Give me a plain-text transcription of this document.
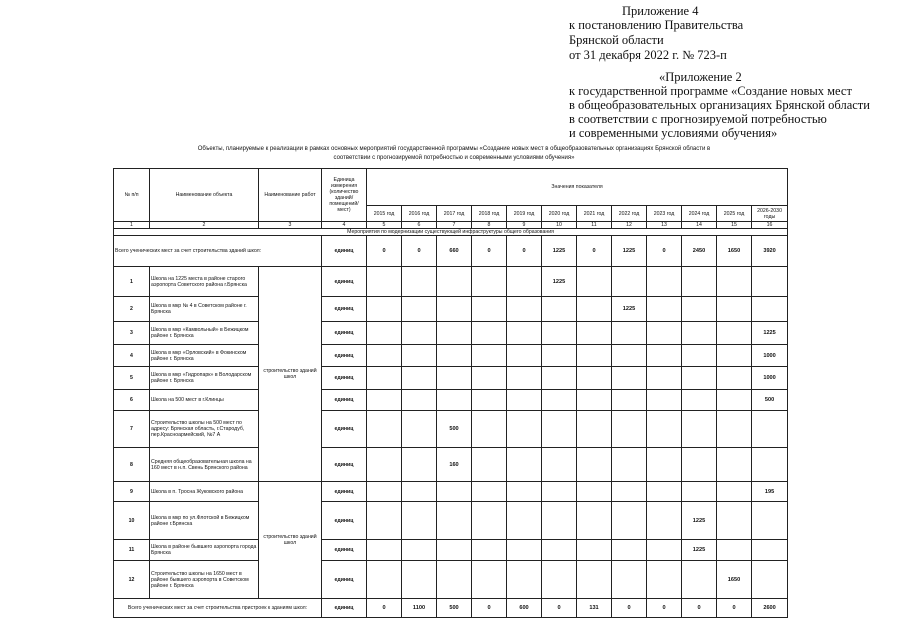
Приложение 4
к постановлению Правительства
Брянской области
от 31 декабря 2022 г. № 723-п
«Приложение 2
к государственной программе «Создание новых мест
в общеобразовательных организациях Брянской области
в соответствии с прогнозируемой потребностью
и современными условиями обучения»
Объекты, планируемые к реализации в рамках основных мероприятий государственной программы «Создание новых мест в общеобразовательных организациях Брянской области в
соответствии с прогнозируемой потребностью и современными условиями обучения»
№ п/п	Наименование объекта	Наименование работ	Единица измерения (количество зданий/помещений/мест)	Значения показателя											
				2015 год	2016 год	2017 год	2018 год	2019 год	2020 год	2021 год	2022 год	2023 год	2024 год	2025 год	2026-2030 годы
1	2	3	4	5	6	7	8	9	10	11	12	13	14	15	16
Мероприятия по модернизации существующей инфраструктуры общего образования															
Всего ученических мест за счет строительства зданий школ:			единиц	0	0	660	0	0	1225	0	1225	0	2450	1650	3920
1	Школа на 1225 места в районе старого аэропорта Советского района г.Брянска	строительство зданий школ	единиц						1225						
2	Школа в мкр № 4 в Советском районе г. Брянска		единиц								1225				
3	Школа в мкр «Камвольный» в Бежицком районе г. Брянска		единиц												1225
4	Школа в мкр «Орловский» в Фокинском районе г. Брянска		единиц												1000
5	Школа в мкр «Гидропарк» в Володарском районе г. Брянска		единиц												1000
6	Школа на 500 мест в г.Клинцы		единиц												500
7	Строительство школы на 500 мест по адресу: Брянская область, г.Стародуб, пер.Красноармейский, №7 А		единиц			500									
8	Средняя общеобразовательная школа на 160 мест в н.п. Свень Брянского района		единиц			160									
9	Школа в п. Тросна Жуковского района	строительство зданий школ	единиц												195
10	Школа в мкр по ул.Флотской в Бежицком районе г.Брянска		единиц										1225		
11	Школа в районе бывшего аэропорта города Брянска		единиц										1225		
12	Строительство школы на 1650 мест в районе бывшего аэропорта в Советском районе г. Брянска		единиц											1650	
Всего ученических мест за счет строительства пристроек к зданиям школ:			единиц	0	1100	500	0	600	0	131	0	0	0	0	2600
